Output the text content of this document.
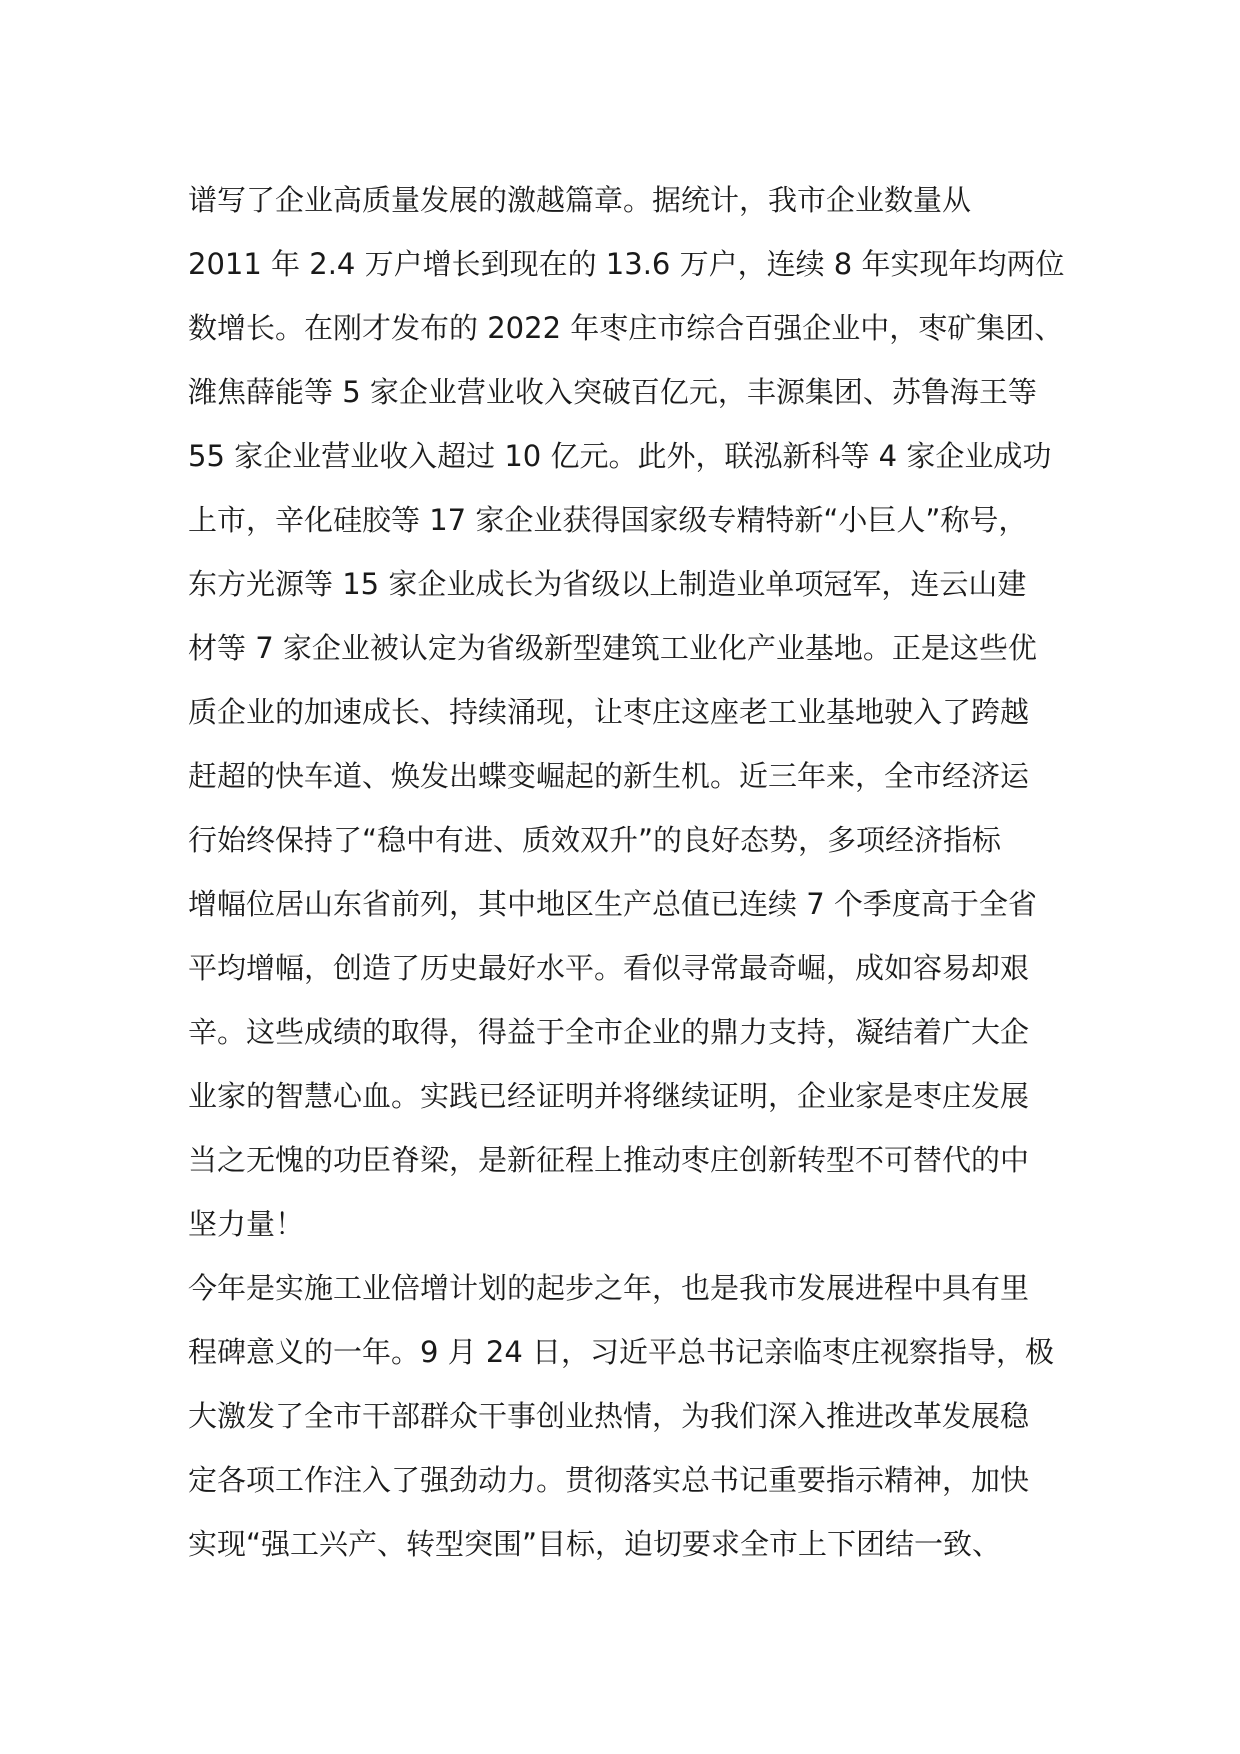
谱写了企业高质量发展的激越篇章。据统计，我市企业数量从
2011 年 2.4 万户增长到现在的 13.6 万户，连续 8 年实现年均两位
数增长。在刚才发布的 2022 年枣庄市综合百强企业中，枣矿集团、
潍焦薛能等 5 家企业营业收入突破百亿元，丰源集团、苏鲁海王等
55 家企业营业收入超过 10 亿元。此外，联泓新科等 4 家企业成功
上市，辛化硅胶等 17 家企业获得国家级专精特新“小巨人”称号，
东方光源等 15 家企业成长为省级以上制造业单项冠军，连云山建
材等 7 家企业被认定为省级新型建筑工业化产业基地。正是这些优
质企业的加速成长、持续涌现，让枣庄这座老工业基地驶入了跨越
赶超的快车道、焕发出蝶变崛起的新生机。近三年来，全市经济运
行始终保持了“稳中有进、质效双升”的良好态势，多项经济指标
增幅位居山东省前列，其中地区生产总值已连续 7 个季度高于全省
平均增幅，创造了历史最好水平。看似寻常最奇崛，成如容易却艰
辛。这些成绩的取得，得益于全市企业的鼎力支持，凝结着广大企
业家的智慧心血。实践已经证明并将继续证明，企业家是枣庄发展
当之无愧的功臣脊梁，是新征程上推动枣庄创新转型不可替代的中
坚力量！
今年是实施工业倍增计划的起步之年，也是我市发展进程中具有里
程碑意义的一年。9 月 24 日，习近平总书记亲临枣庄视察指导，极
大激发了全市干部群众干事创业热情，为我们深入推进改革发展稳
定各项工作注入了强劲动力。贯彻落实总书记重要指示精神，加快
实现“强工兴产、转型突围”目标，迫切要求全市上下团结一致、
